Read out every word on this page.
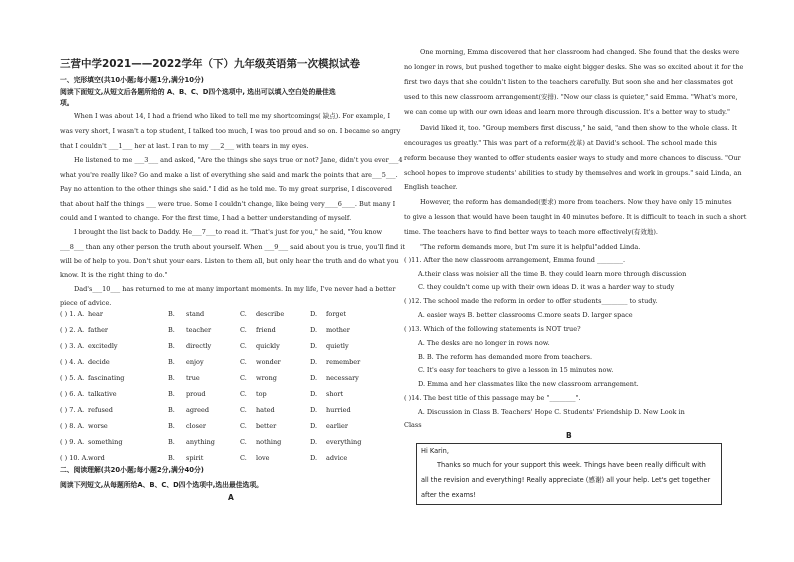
三营中学2021——2022学年（下）九年级英语第一次模拟试卷
一、完形填空(共10小题;每小题1分,满分10分)
阅读下面短文,从短文后各题所给的 A、B、C、D四个选项中, 选出可以填入空白处的最佳选
项。
When I was about 14, I had a friend who liked to tell me my shortcomings( 缺点). For example, I
was very short, I wasn't a top student, I talked too much, I was too proud and so on. I became so angry
that I couldn't ___1___ her at last. I ran to my ___2___ with tears in my eyes.
He listened to me ___3___ and asked, "Are the things she says true or not? Jane, didn't you ever___4
what you're really like? Go and make a list of everything she said and mark the points that are___5___.
Pay no attention to the other things she said." I did as he told me. To my great surprise, I discovered
that about half the things ___ were true. Some I couldn't change, like being very____6____. But many I
could and I wanted to change. For the first time, I had a better understanding of myself.
I brought the list back to Daddy. He___7___to read it. "That's just for you," he said, "You know
___8___ than any other person the truth about yourself. When ___9___ said about you is true, you'll find it
will be of help to you. Don't shut your ears. Listen to them all, but only hear the truth and do what you
know. It is the right thing to do."
Dad's___10___ has returned to me at many important moments. In my life, I've never had a better
piece of advice.
( ) 1. A. hear	B. stand	C. describe	D. forget
( ) 2. A. father	B. teacher	C. friend	D. mother
( ) 3. A. excitedly	B. directly	C. quickly	D. quietly
( ) 4. A. decide	B. enjoy	C. wonder	D. remember
( ) 5. A. fascinating	B. true	C. wrong	D. necessary
( ) 6. A. talkative	B. proud	C. top	D. short
( ) 7. A. refused	B. agreed	C. hated	D. hurried
( ) 8. A. worse	B. closer	C. better	D. earlier
( ) 9. A. something	B. anything	C. nothing	D. everything
( ) 10. A. word	B. spirit	C. love	D. advice
二、阅读理解(共20小题;每小题2分,满分40分)
阅读下列短文,从每题所给A、B、C、D四个选项中,选出最佳选项。
A
One morning, Emma discovered that her classroom had changed. She found that the desks were
no longer in rows, but pushed together to make eight bigger desks. She was so excited about it for the
first two days that she couldn't listen to the teachers carefully. But soon she and her classmates got
used to this new classroom arrangement(安排). "Now our class is quieter," said Emma. "What's more,
we can come up with our own ideas and learn more through discussion. It's a better way to study."
David liked it, too. "Group members first discuss," he said, "and then show to the whole class. It
encourages us greatly." This was part of a reform(改革) at David's school. The school made this
reform because they wanted to offer students easier ways to study and more chances to discuss. "Our
school hopes to improve students' abilities to study by themselves and work in groups." said Linda, an
English teacher.
However, the reform has demanded(要求) more from teachers. Now they have only 15 minutes
to give a lesson that would have been taught in 40 minutes before. It is difficult to teach in such a short
time. The teachers have to find better ways to teach more effectively(有效地).
"The reform demands more, but I'm sure it is helpful"added Linda.
( )11. After the new classroom arrangement, Emma found ________.
A.their class was noisier all the time B. they could learn more through discussion
C. they couldn't come up with their own ideas D. it was a harder way to study
( )12. The school made the reform in order to offer students________ to study.
A. easier ways B. better classrooms C.more seats D. larger space
( )13. Which of the following statements is NOT true?
A. The desks are no longer in rows now.
B. B. The reform has demanded more from teachers.
C. It's easy for teachers to give a lesson in 15 minutes now.
D. Emma and her classmates like the new classroom arrangement.
( )14. The best title of this passage may be "________".
A. Discussion in Class B. Teachers' Hope C. Students' Friendship D. New Look in
Class
B
Hi Karin,
Thanks so much for your support this week. Things have been really difficult with
all the revision and everything! Really appreciate (感谢) all your help. Let's get together
after the exams!
